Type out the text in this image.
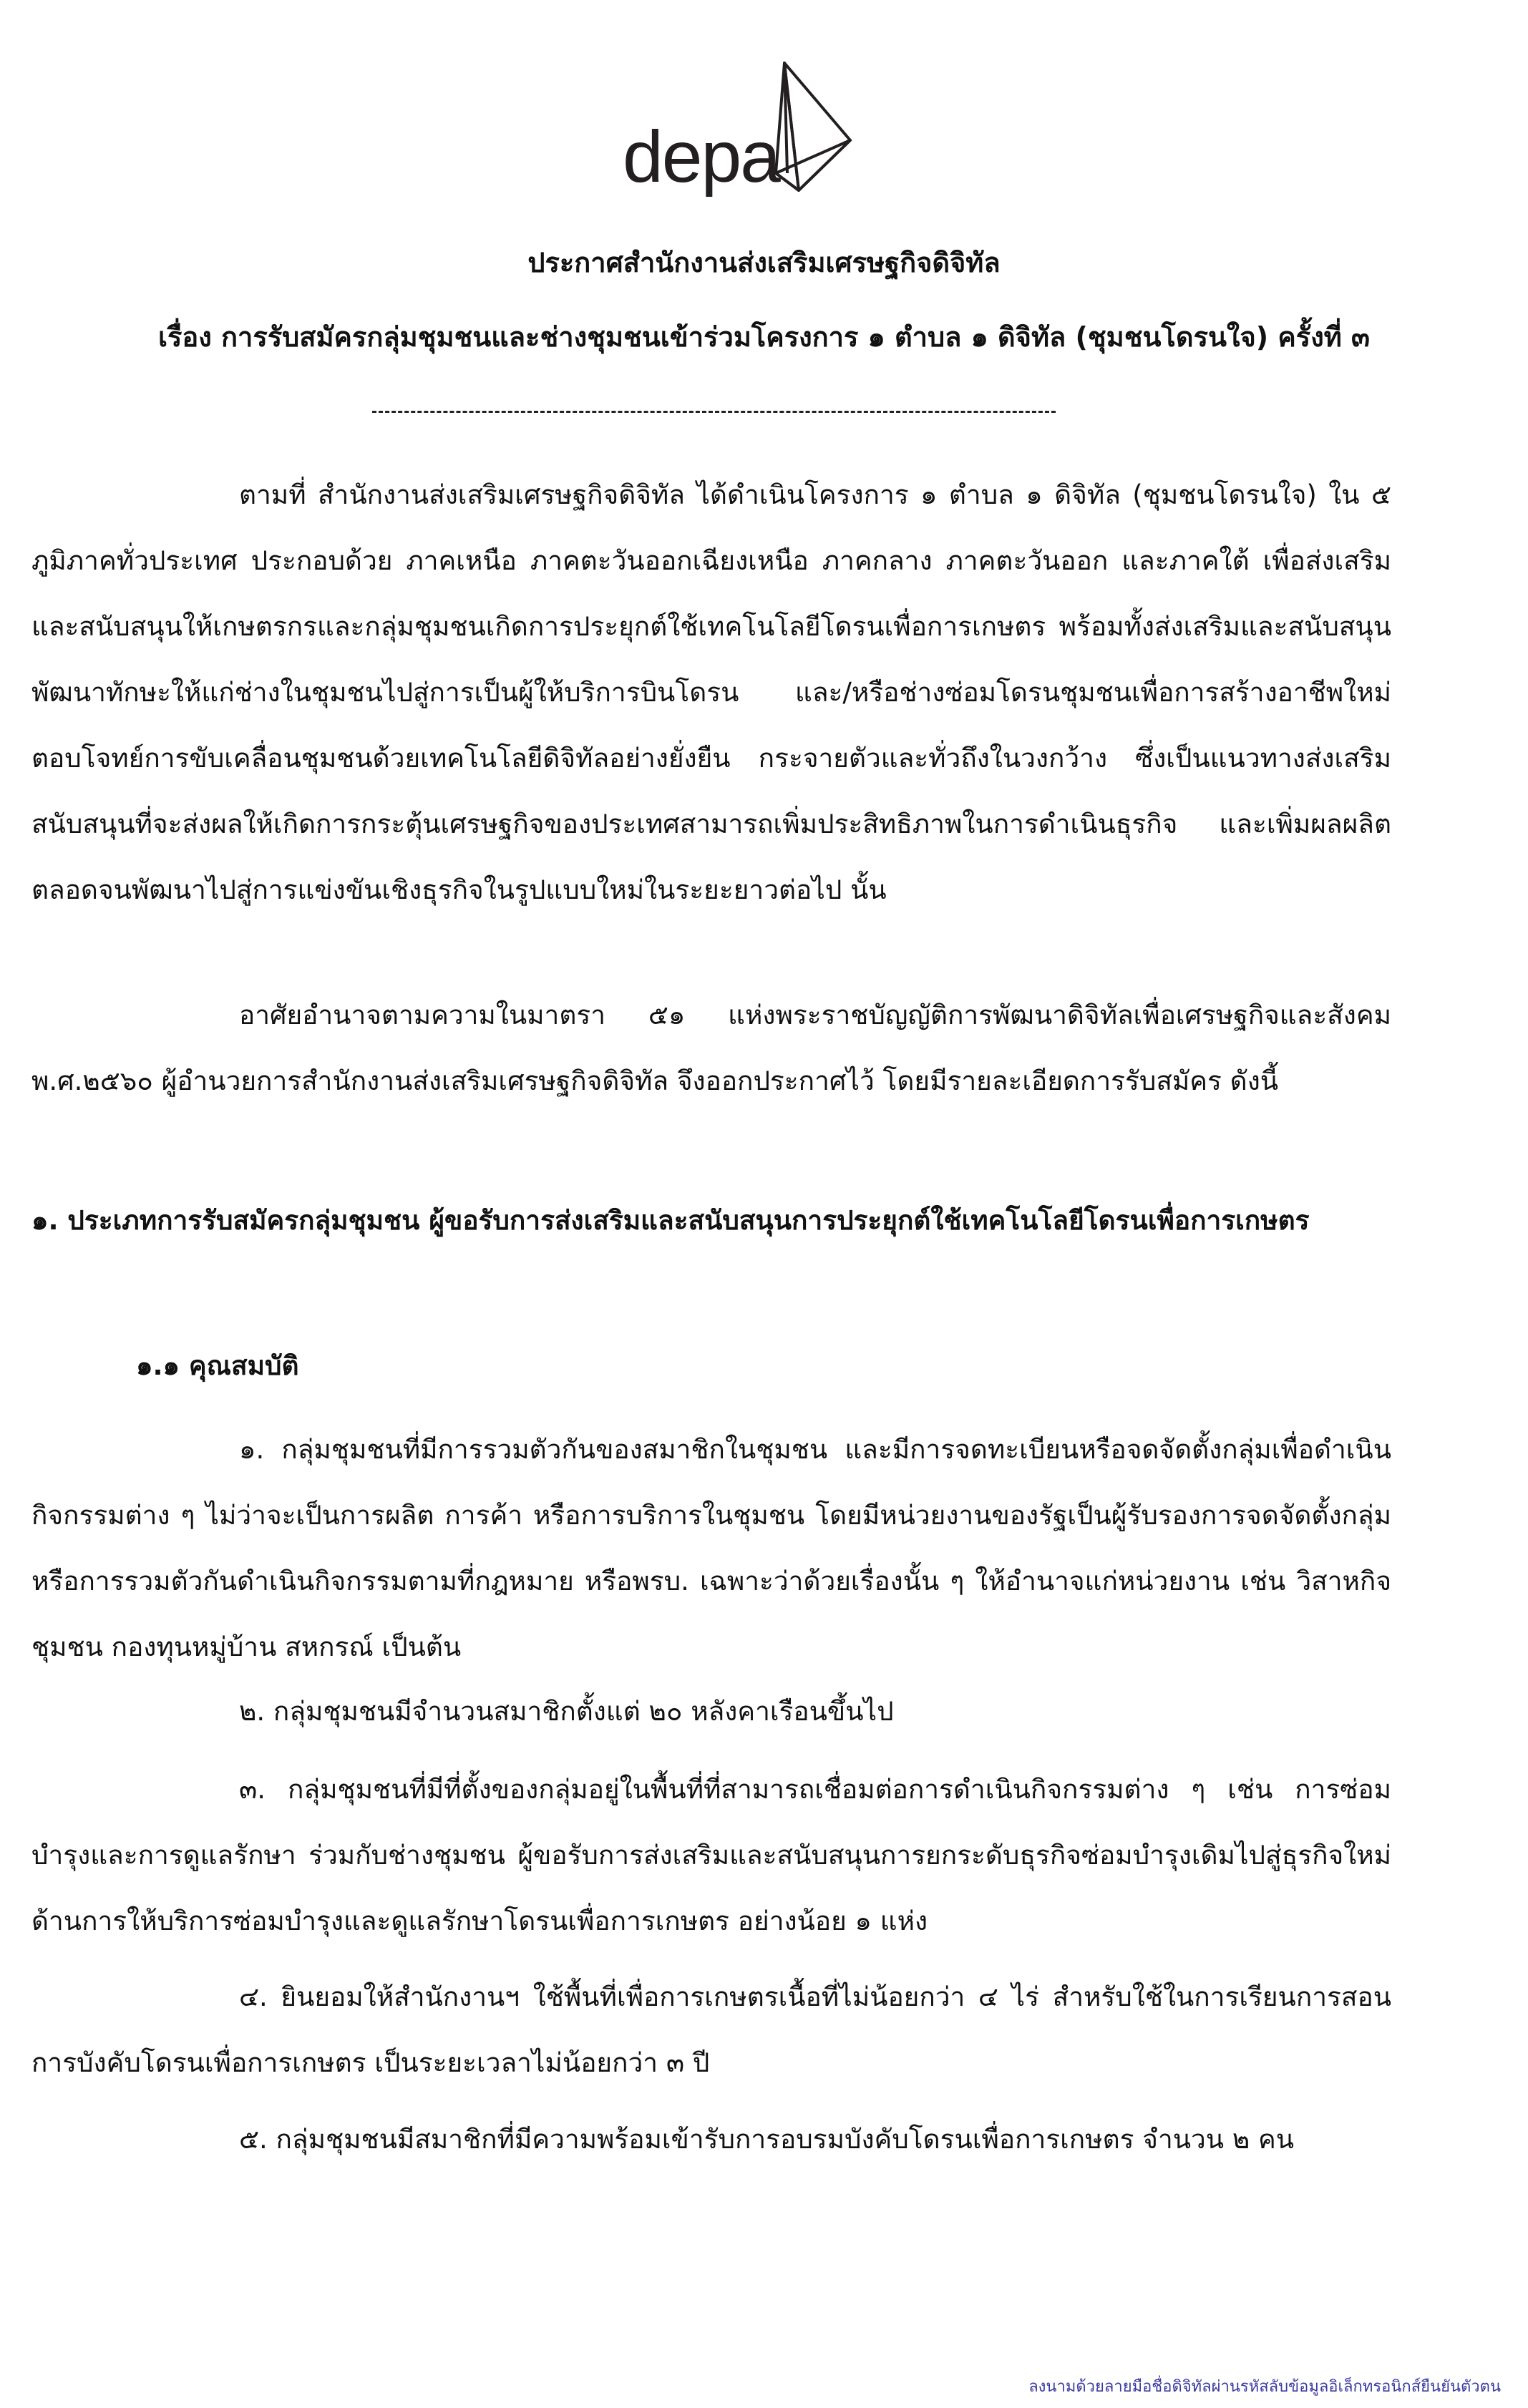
depa
ประกาศสำนักงานส่งเสริมเศรษฐกิจดิจิทัล
เรื่อง การรับสมัครกลุ่มชุมชนและช่างชุมชนเข้าร่วมโครงการ ๑ ตำบล ๑ ดิจิทัล (ชุมชนโดรนใจ) ครั้งที่ ๓
ตามที่ สำนักงานส่งเสริมเศรษฐกิจดิจิทัล ได้ดำเนินโครงการ ๑ ตำบล ๑ ดิจิทัล (ชุมชนโดรนใจ) ใน ๕ ภูมิภาคทั่วประเทศ ประกอบด้วย ภาคเหนือ ภาคตะวันออกเฉียงเหนือ ภาคกลาง ภาคตะวันออก และภาคใต้ เพื่อส่งเสริมและสนับสนุนให้เกษตรกรและกลุ่มชุมชนเกิดการประยุกต์ใช้เทคโนโลยีโดรนเพื่อการเกษตร พร้อมทั้งส่งเสริมและสนับสนุนพัฒนาทักษะให้แก่ช่างในชุมชนไปสู่การเป็นผู้ให้บริการบินโดรน และ/หรือช่างซ่อมโดรนชุมชนเพื่อการสร้างอาชีพใหม่ ตอบโจทย์การขับเคลื่อนชุมชนด้วยเทคโนโลยีดิจิทัลอย่างยั่งยืน กระจายตัวและทั่วถึงในวงกว้าง ซึ่งเป็นแนวทางส่งเสริมสนับสนุนที่จะส่งผลให้เกิดการกระตุ้นเศรษฐกิจของประเทศสามารถเพิ่มประสิทธิภาพในการดำเนินธุรกิจ และเพิ่มผลผลิต ตลอดจนพัฒนาไปสู่การแข่งขันเชิงธุรกิจในรูปแบบใหม่ในระยะยาวต่อไป นั้น
อาศัยอำนาจตามความในมาตรา ๕๑ แห่งพระราชบัญญัติการพัฒนาดิจิทัลเพื่อเศรษฐกิจและสังคม พ.ศ.๒๕๖๐ ผู้อำนวยการสำนักงานส่งเสริมเศรษฐกิจดิจิทัล จึงออกประกาศไว้ โดยมีรายละเอียดการรับสมัคร ดังนี้
๑. ประเภทการรับสมัครกลุ่มชุมชน ผู้ขอรับการส่งเสริมและสนับสนุนการประยุกต์ใช้เทคโนโลยีโดรนเพื่อการเกษตร
๑.๑ คุณสมบัติ
๑. กลุ่มชุมชนที่มีการรวมตัวกันของสมาชิกในชุมชน และมีการจดทะเบียนหรือจดจัดตั้งกลุ่มเพื่อดำเนินกิจกรรมต่าง ๆ ไม่ว่าจะเป็นการผลิต การค้า หรือการบริการในชุมชน โดยมีหน่วยงานของรัฐเป็นผู้รับรองการจดจัดตั้งกลุ่ม หรือการรวมตัวกันดำเนินกิจกรรมตามที่กฎหมาย หรือพรบ. เฉพาะว่าด้วยเรื่องนั้น ๆ ให้อำนาจแก่หน่วยงาน เช่น วิสาหกิจชุมชน กองทุนหมู่บ้าน สหกรณ์ เป็นต้น
๒. กลุ่มชุมชนมีจำนวนสมาชิกตั้งแต่ ๒๐ หลังคาเรือนขึ้นไป
๓. กลุ่มชุมชนที่มีที่ตั้งของกลุ่มอยู่ในพื้นที่ที่สามารถเชื่อมต่อการดำเนินกิจกรรมต่าง ๆ เช่น การซ่อมบำรุงและการดูแลรักษา ร่วมกับช่างชุมชน ผู้ขอรับการส่งเสริมและสนับสนุนการยกระดับธุรกิจซ่อมบำรุงเดิมไปสู่ธุรกิจใหม่ ด้านการให้บริการซ่อมบำรุงและดูแลรักษาโดรนเพื่อการเกษตร อย่างน้อย ๑ แห่ง
๔. ยินยอมให้สำนักงานฯ ใช้พื้นที่เพื่อการเกษตรเนื้อที่ไม่น้อยกว่า ๔ ไร่ สำหรับใช้ในการเรียนการสอนการบังคับโดรนเพื่อการเกษตร เป็นระยะเวลาไม่น้อยกว่า ๓ ปี
๕. กลุ่มชุมชนมีสมาชิกที่มีความพร้อมเข้ารับการอบรมบังคับโดรนเพื่อการเกษตร จำนวน ๒ คน
ลงนามด้วยลายมือชื่อดิจิทัลผ่านรหัสลับข้อมูลอิเล็กทรอนิกส์ยืนยันตัวตน
